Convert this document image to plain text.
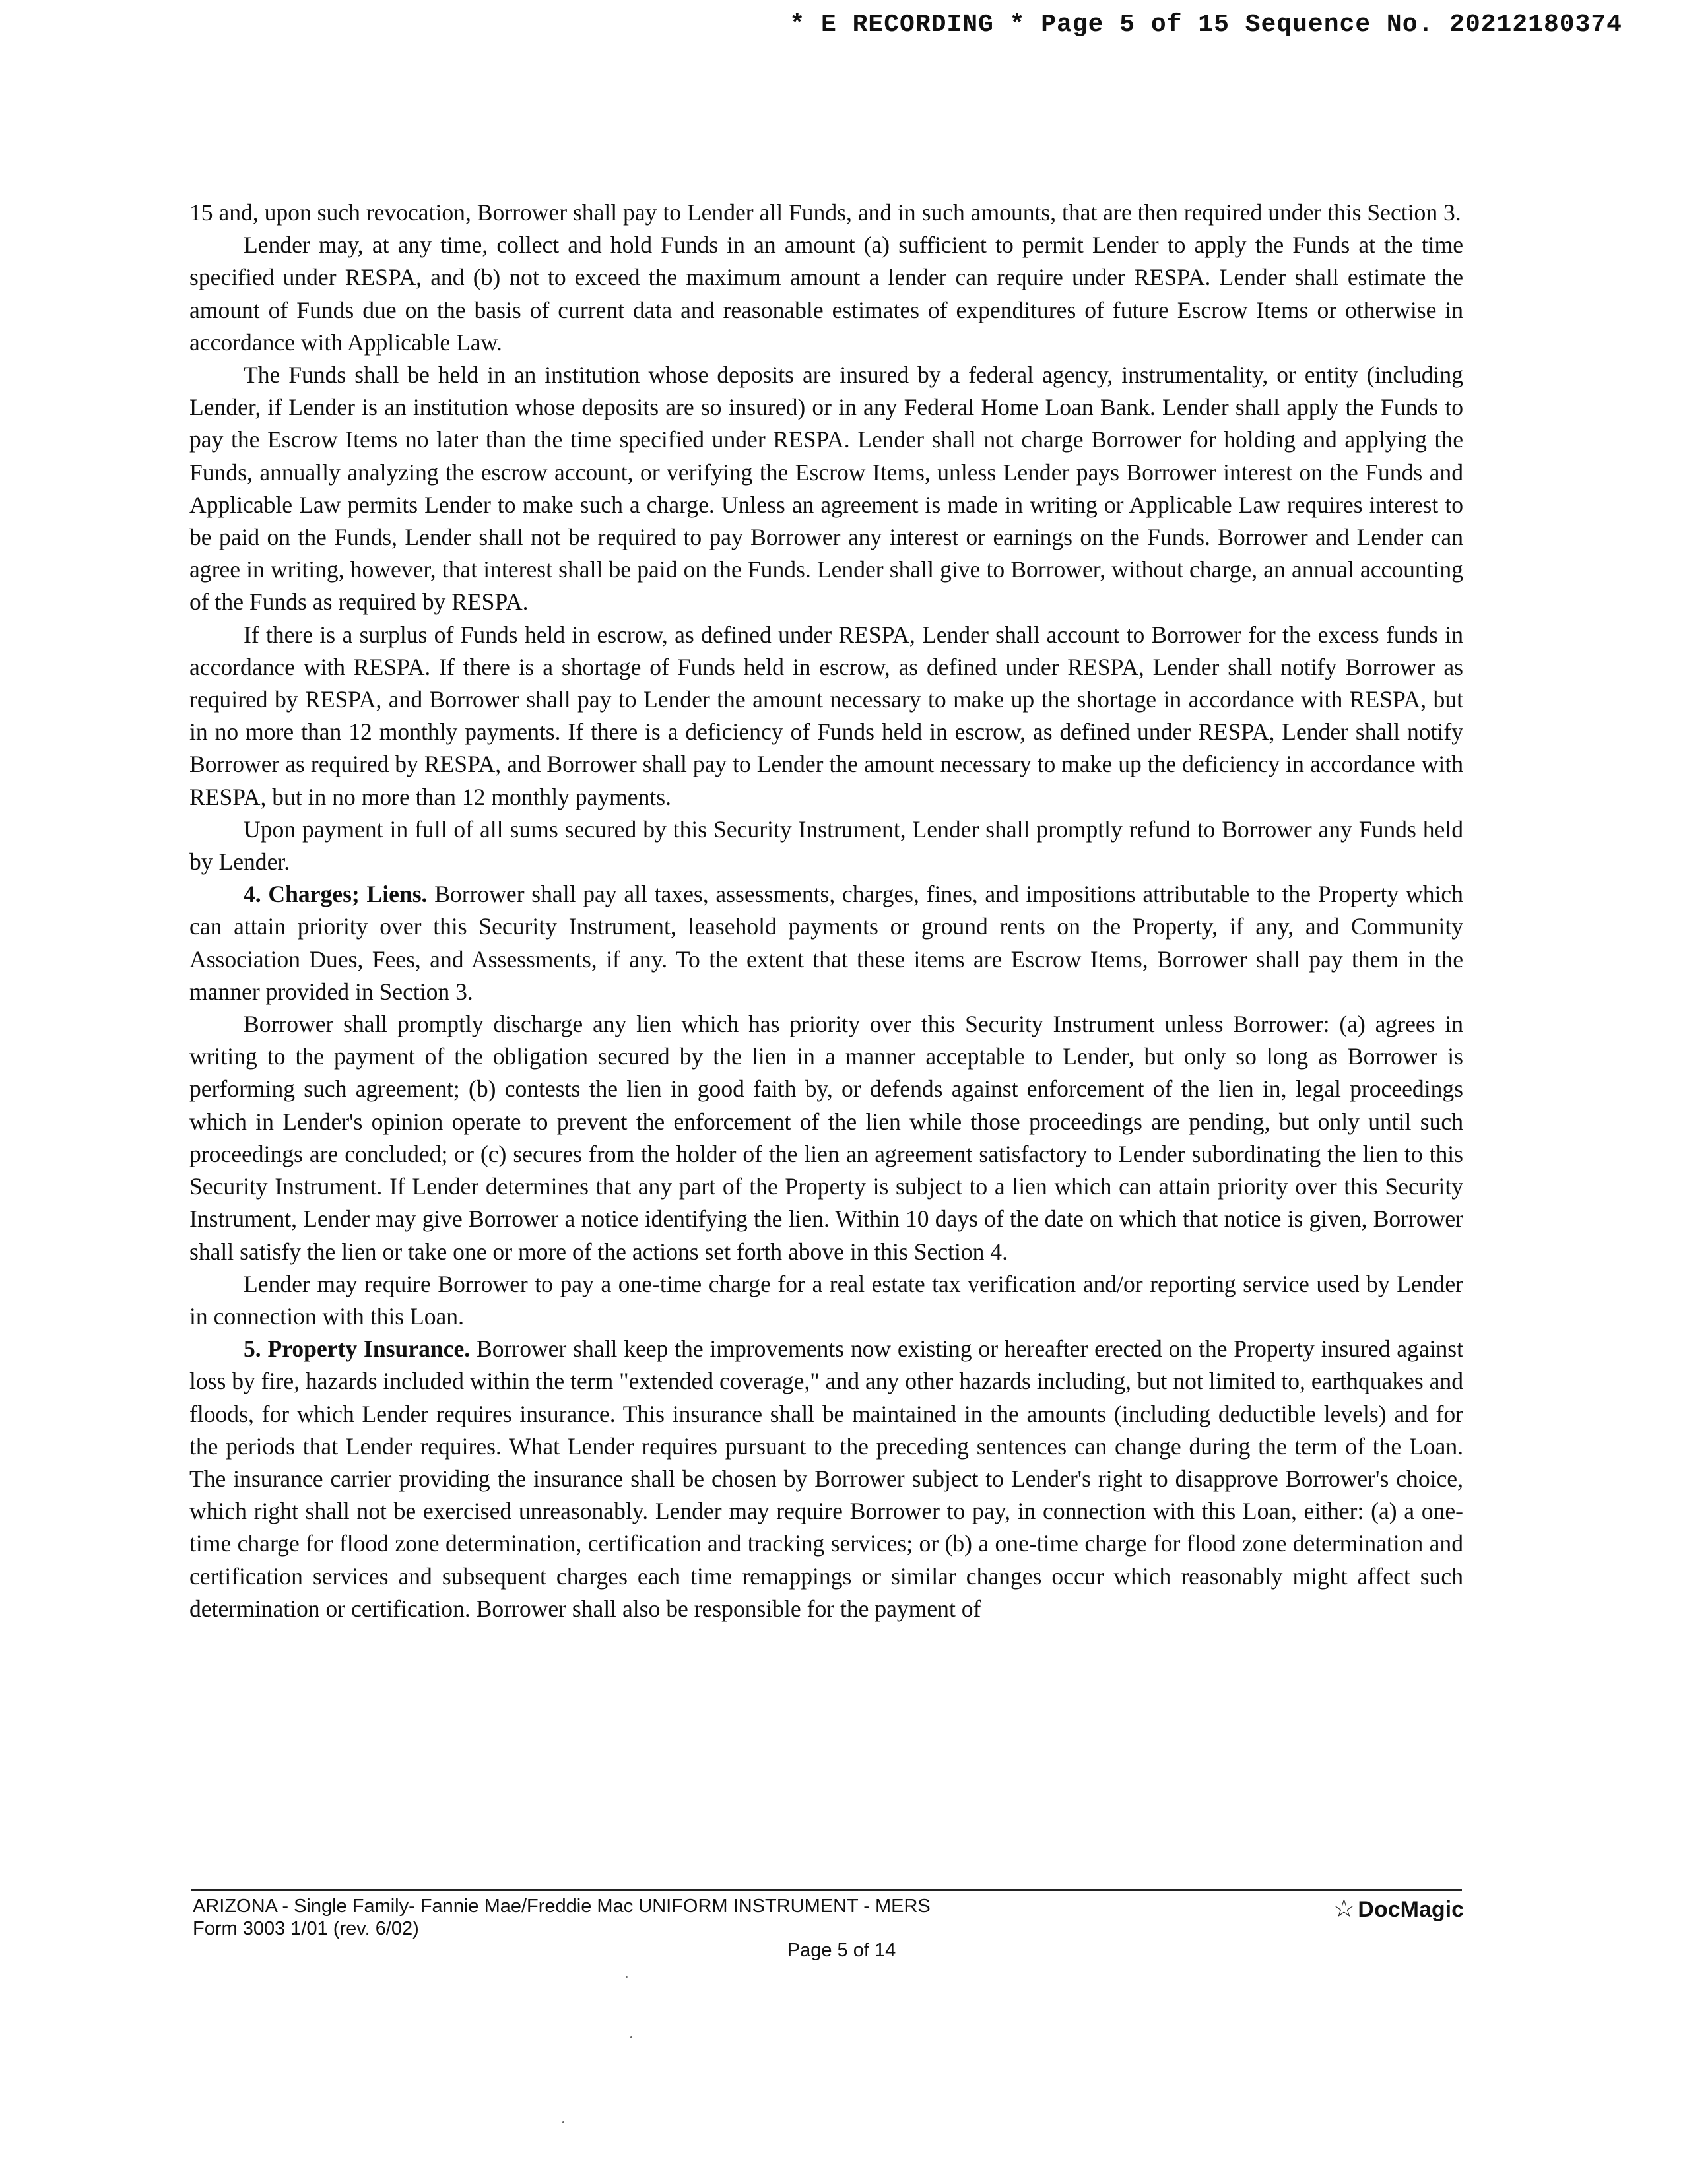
* E RECORDING * Page 5 of 15 Sequence No. 20212180374

15 and, upon such revocation, Borrower shall pay to Lender all Funds, and in such amounts, that are then required under this Section 3.

Lender may, at any time, collect and hold Funds in an amount (a) sufficient to permit Lender to apply the Funds at the time specified under RESPA, and (b) not to exceed the maximum amount a lender can require under RESPA. Lender shall estimate the amount of Funds due on the basis of current data and reasonable estimates of expenditures of future Escrow Items or otherwise in accordance with Applicable Law.

The Funds shall be held in an institution whose deposits are insured by a federal agency, instrumentality, or entity (including Lender, if Lender is an institution whose deposits are so insured) or in any Federal Home Loan Bank. Lender shall apply the Funds to pay the Escrow Items no later than the time specified under RESPA. Lender shall not charge Borrower for holding and applying the Funds, annually analyzing the escrow account, or verifying the Escrow Items, unless Lender pays Borrower interest on the Funds and Applicable Law permits Lender to make such a charge. Unless an agreement is made in writing or Applicable Law requires interest to be paid on the Funds, Lender shall not be required to pay Borrower any interest or earnings on the Funds. Borrower and Lender can agree in writing, however, that interest shall be paid on the Funds. Lender shall give to Borrower, without charge, an annual accounting of the Funds as required by RESPA.

If there is a surplus of Funds held in escrow, as defined under RESPA, Lender shall account to Borrower for the excess funds in accordance with RESPA. If there is a shortage of Funds held in escrow, as defined under RESPA, Lender shall notify Borrower as required by RESPA, and Borrower shall pay to Lender the amount necessary to make up the shortage in accordance with RESPA, but in no more than 12 monthly payments. If there is a deficiency of Funds held in escrow, as defined under RESPA, Lender shall notify Borrower as required by RESPA, and Borrower shall pay to Lender the amount necessary to make up the deficiency in accordance with RESPA, but in no more than 12 monthly payments.

Upon payment in full of all sums secured by this Security Instrument, Lender shall promptly refund to Borrower any Funds held by Lender.

4. Charges; Liens. Borrower shall pay all taxes, assessments, charges, fines, and impositions attributable to the Property which can attain priority over this Security Instrument, leasehold payments or ground rents on the Property, if any, and Community Association Dues, Fees, and Assessments, if any. To the extent that these items are Escrow Items, Borrower shall pay them in the manner provided in Section 3.

Borrower shall promptly discharge any lien which has priority over this Security Instrument unless Borrower: (a) agrees in writing to the payment of the obligation secured by the lien in a manner acceptable to Lender, but only so long as Borrower is performing such agreement; (b) contests the lien in good faith by, or defends against enforcement of the lien in, legal proceedings which in Lender's opinion operate to prevent the enforcement of the lien while those proceedings are pending, but only until such proceedings are concluded; or (c) secures from the holder of the lien an agreement satisfactory to Lender subordinating the lien to this Security Instrument. If Lender determines that any part of the Property is subject to a lien which can attain priority over this Security Instrument, Lender may give Borrower a notice identifying the lien. Within 10 days of the date on which that notice is given, Borrower shall satisfy the lien or take one or more of the actions set forth above in this Section 4.

Lender may require Borrower to pay a one-time charge for a real estate tax verification and/or reporting service used by Lender in connection with this Loan.

5. Property Insurance. Borrower shall keep the improvements now existing or hereafter erected on the Property insured against loss by fire, hazards included within the term "extended coverage," and any other hazards including, but not limited to, earthquakes and floods, for which Lender requires insurance. This insurance shall be maintained in the amounts (including deductible levels) and for the periods that Lender requires. What Lender requires pursuant to the preceding sentences can change during the term of the Loan. The insurance carrier providing the insurance shall be chosen by Borrower subject to Lender's right to disapprove Borrower's choice, which right shall not be exercised unreasonably. Lender may require Borrower to pay, in connection with this Loan, either: (a) a one-time charge for flood zone determination, certification and tracking services; or (b) a one-time charge for flood zone determination and certification services and subsequent charges each time remappings or similar changes occur which reasonably might affect such determination or certification. Borrower shall also be responsible for the payment of

ARIZONA - Single Family- Fannie Mae/Freddie Mac UNIFORM INSTRUMENT - MERS
Form 3003 1/01 (rev. 6/02)
☆ DocMagic
Page 5 of 14
